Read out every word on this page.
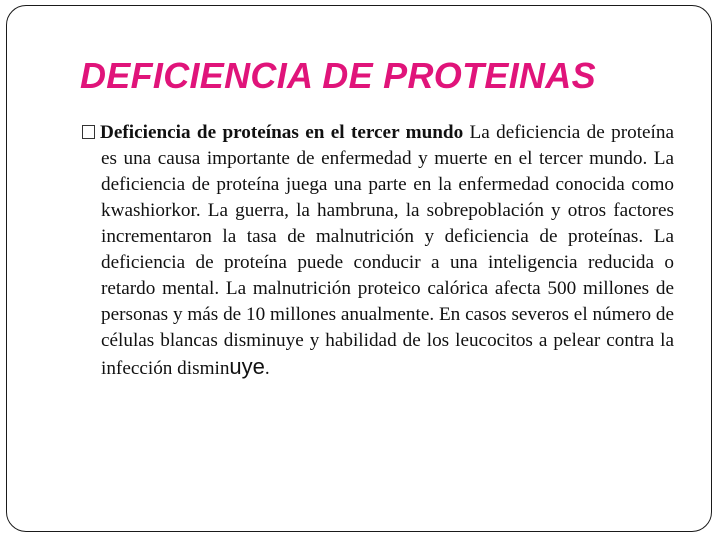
DEFICIENCIA DE PROTEINAS

Deficiencia de proteínas en el tercer mundo La deficiencia de proteína es una causa importante de enfermedad y muerte en el tercer mundo. La deficiencia de proteína juega una parte en la enfermedad conocida como kwashiorkor. La guerra, la hambruna, la sobrepoblación y otros factores incrementaron la tasa de malnutrición y deficiencia de proteínas. La deficiencia de proteína puede conducir a una inteligencia reducida o retardo mental. La malnutrición proteico calórica afecta 500 millones de personas y más de 10 millones anualmente. En casos severos el número de células blancas disminuye y habilidad de los leucocitos a pelear contra la infección disminuye.
